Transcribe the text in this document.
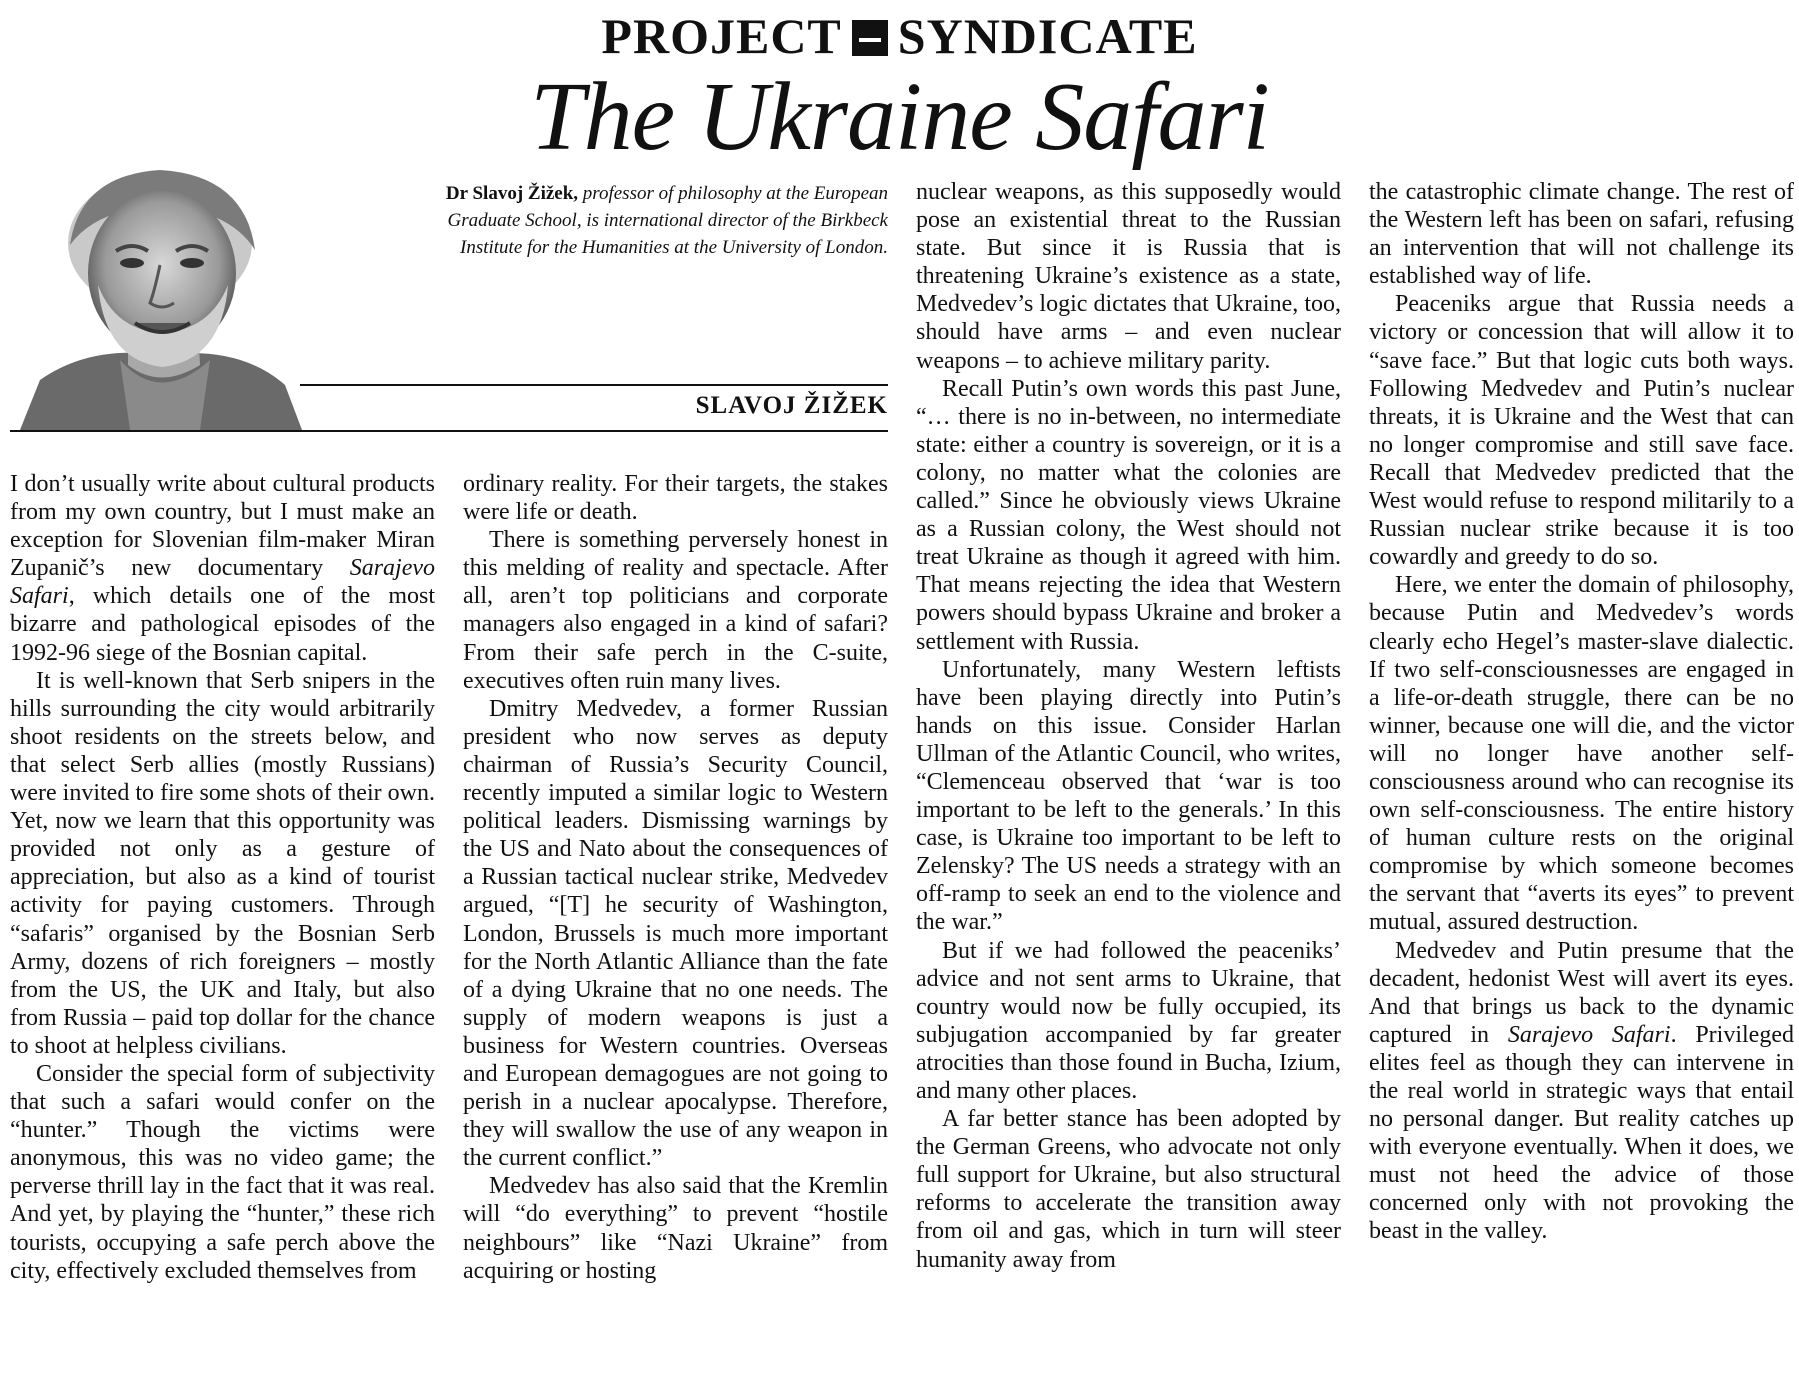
PROJECT SYNDICATE
The Ukraine Safari
Dr Slavoj Žižek, professor of philosophy at the European Graduate School, is international director of the Birkbeck Institute for the Humanities at the University of London.
SLAVOJ ŽIŽEK

I don’t usually write about cultural products from my own country, but I must make an exception for Slovenian film-maker Miran Zupanič’s new documentary Sarajevo Safari, which details one of the most bizarre and pathological episodes of the 1992-96 siege of the Bosnian capital.

It is well-known that Serb snipers in the hills surrounding the city would arbitrarily shoot residents on the streets below, and that select Serb allies (mostly Russians) were invited to fire some shots of their own. Yet, now we learn that this opportunity was provided not only as a gesture of appreciation, but also as a kind of tourist activity for paying customers. Through “safaris” organised by the Bosnian Serb Army, dozens of rich foreigners – mostly from the US, the UK and Italy, but also from Russia – paid top dollar for the chance to shoot at helpless civilians.

Consider the special form of subjectivity that such a safari would confer on the “hunter.” Though the victims were anonymous, this was no video game; the perverse thrill lay in the fact that it was real. And yet, by playing the “hunter,” these rich tourists, occupying a safe perch above the city, effectively excluded themselves from

ordinary reality. For their targets, the stakes were life or death.

There is something perversely honest in this melding of reality and spectacle. After all, aren’t top politicians and corporate managers also engaged in a kind of safari? From their safe perch in the C-suite, executives often ruin many lives.

Dmitry Medvedev, a former Russian president who now serves as deputy chairman of Russia’s Security Council, recently imputed a similar logic to Western political leaders. Dismissing warnings by the US and Nato about the consequences of a Russian tactical nuclear strike, Medvedev argued, “[T] he security of Washington, London, Brussels is much more important for the North Atlantic Alliance than the fate of a dying Ukraine that no one needs. The supply of modern weapons is just a business for Western countries. Overseas and European demagogues are not going to perish in a nuclear apocalypse. Therefore, they will swallow the use of any weapon in the current conflict.”

Medvedev has also said that the Kremlin will “do everything” to prevent “hostile neighbours” like “Nazi Ukraine” from acquiring or hosting

nuclear weapons, as this supposedly would pose an existential threat to the Russian state. But since it is Russia that is threatening Ukraine’s existence as a state, Medvedev’s logic dictates that Ukraine, too, should have arms – and even nuclear weapons – to achieve military parity.

Recall Putin’s own words this past June, “… there is no in-between, no intermediate state: either a country is sovereign, or it is a colony, no matter what the colonies are called.” Since he obviously views Ukraine as a Russian colony, the West should not treat Ukraine as though it agreed with him. That means rejecting the idea that Western powers should bypass Ukraine and broker a settlement with Russia.

Unfortunately, many Western leftists have been playing directly into Putin’s hands on this issue. Consider Harlan Ullman of the Atlantic Council, who writes, “Clemenceau observed that ‘war is too important to be left to the generals.’ In this case, is Ukraine too important to be left to Zelensky? The US needs a strategy with an off-ramp to seek an end to the violence and the war.”

But if we had followed the peaceniks’ advice and not sent arms to Ukraine, that country would now be fully occupied, its subjugation accompanied by far greater atrocities than those found in Bucha, Izium, and many other places.

A far better stance has been adopted by the German Greens, who advocate not only full support for Ukraine, but also structural reforms to accelerate the transition away from oil and gas, which in turn will steer humanity away from

the catastrophic climate change. The rest of the Western left has been on safari, refusing an intervention that will not challenge its established way of life.

Peaceniks argue that Russia needs a victory or concession that will allow it to “save face.” But that logic cuts both ways. Following Medvedev and Putin’s nuclear threats, it is Ukraine and the West that can no longer compromise and still save face. Recall that Medvedev predicted that the West would refuse to respond militarily to a Russian nuclear strike because it is too cowardly and greedy to do so.

Here, we enter the domain of philosophy, because Putin and Medvedev’s words clearly echo Hegel’s master-slave dialectic. If two self-consciousnesses are engaged in a life-or-death struggle, there can be no winner, because one will die, and the victor will no longer have another self-consciousness around who can recognise its own self-consciousness. The entire history of human culture rests on the original compromise by which someone becomes the servant that “averts its eyes” to prevent mutual, assured destruction.

Medvedev and Putin presume that the decadent, hedonist West will avert its eyes. And that brings us back to the dynamic captured in Sarajevo Safari. Privileged elites feel as though they can intervene in the real world in strategic ways that entail no personal danger. But reality catches up with everyone eventually. When it does, we must not heed the advice of those concerned only with not provoking the beast in the valley.
